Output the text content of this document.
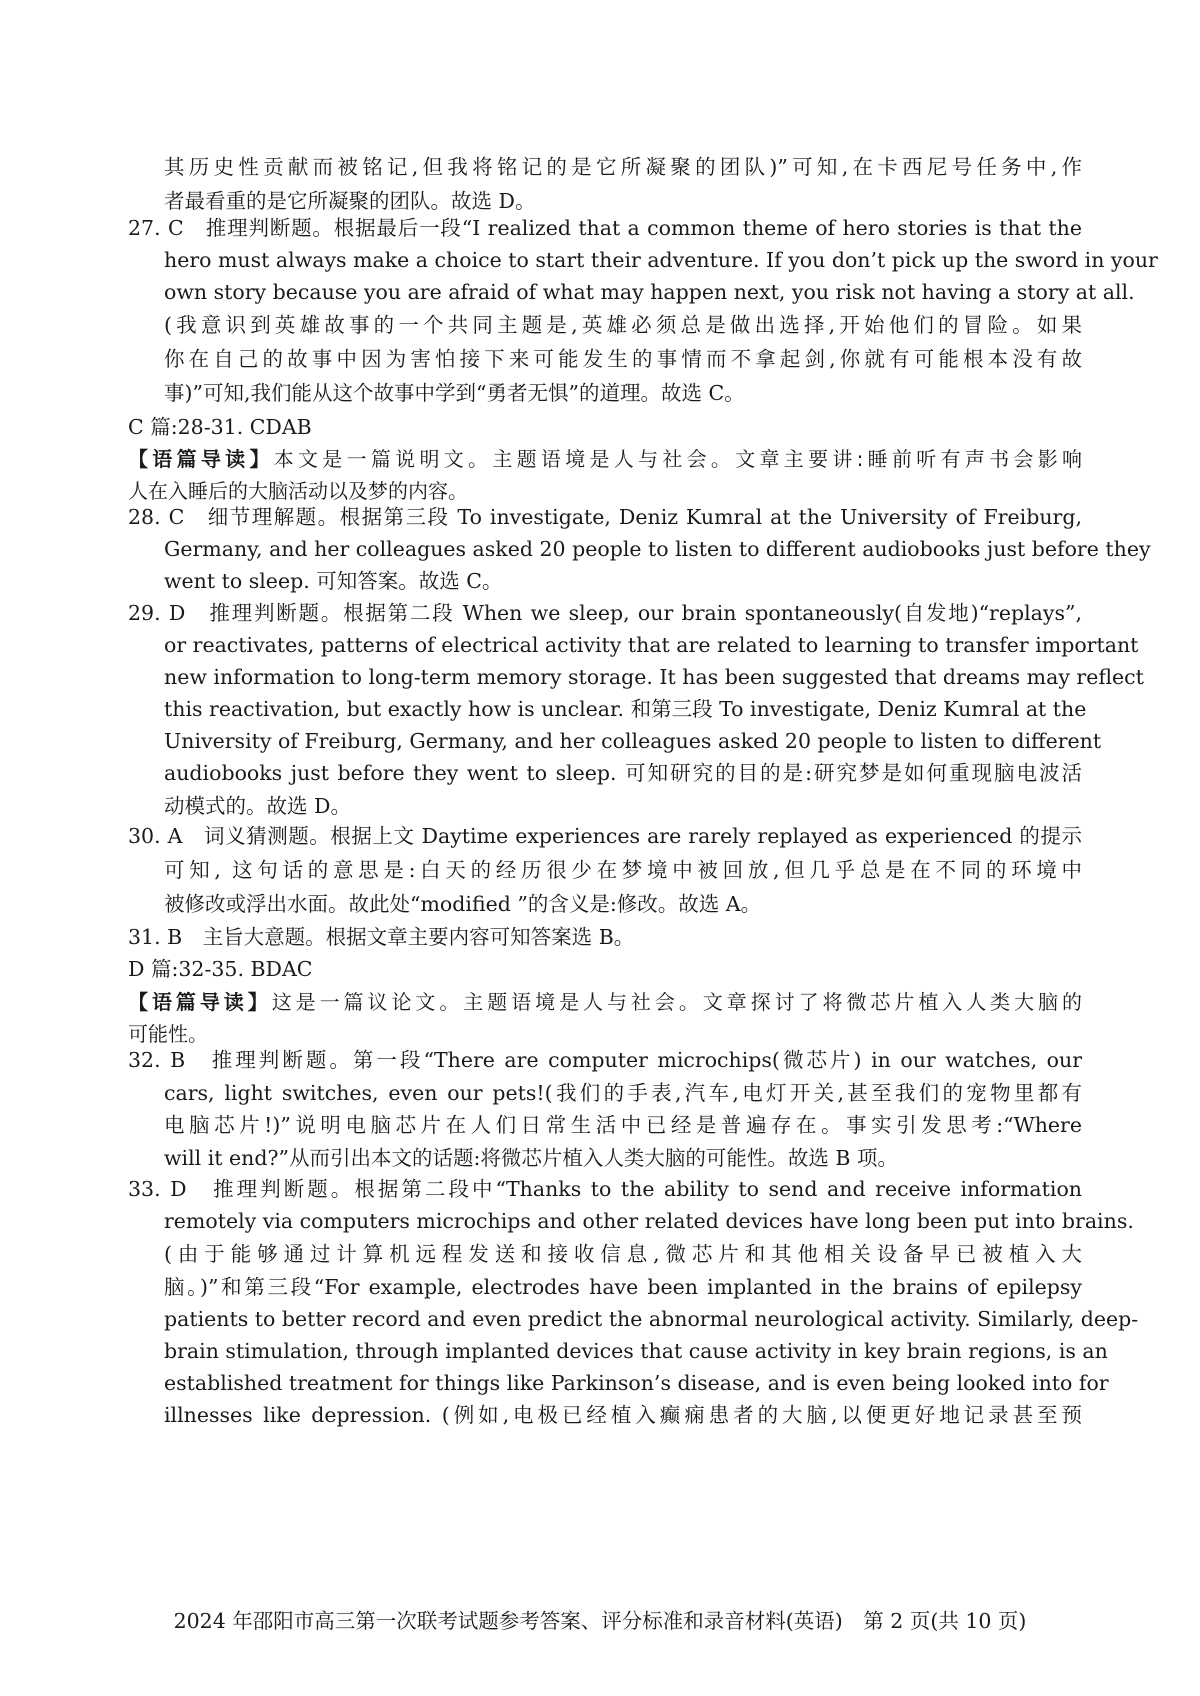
其历史性贡献而被铭记,但我将铭记的是它所凝聚的团队)”可知,在卡西尼号任务中,作
者最看重的是它所凝聚的团队。故选 D。
27. C　推理判断题。根据最后一段“I realized that a common theme of hero stories is that the
hero must always make a choice to start their adventure. If you don’t pick up the sword in your
own story because you are afraid of what may happen next, you risk not having a story at all.
(我意识到英雄故事的一个共同主题是,英雄必须总是做出选择,开始他们的冒险。如果
你在自己的故事中因为害怕接下来可能发生的事情而不拿起剑,你就有可能根本没有故
事)”可知,我们能从这个故事中学到“勇者无惧”的道理。故选 C。
C 篇:28-31. CDAB
【语篇导读】本文是一篇说明文。主题语境是人与社会。文章主要讲:睡前听有声书会影响
人在入睡后的大脑活动以及梦的内容。
28. C　细节理解题。根据第三段 To investigate, Deniz Kumral at the University of Freiburg,
Germany, and her colleagues asked 20 people to listen to different audiobooks just before they
went to sleep. 可知答案。故选 C。
29. D　推理判断题。根据第二段 When we sleep, our brain spontaneously(自发地)“replays”,
or reactivates, patterns of electrical activity that are related to learning to transfer important
new information to long-term memory storage. It has been suggested that dreams may reflect
this reactivation, but exactly how is unclear. 和第三段 To investigate, Deniz Kumral at the
University of Freiburg, Germany, and her colleagues asked 20 people to listen to different
audiobooks just before they went to sleep. 可知研究的目的是:研究梦是如何重现脑电波活
动模式的。故选 D。
30. A　词义猜测题。根据上文 Daytime experiences are rarely replayed as experienced 的提示
可知, 这句话的意思是:白天的经历很少在梦境中被回放,但几乎总是在不同的环境中
被修改或浮出水面。故此处“modified ”的含义是:修改。故选 A。
31. B　主旨大意题。根据文章主要内容可知答案选 B。
D 篇:32-35. BDAC
【语篇导读】这是一篇议论文。主题语境是人与社会。文章探讨了将微芯片植入人类大脑的
可能性。
32. B　推理判断题。第一段“There are computer microchips(微芯片) in our watches, our
cars, light switches, even our pets!(我们的手表,汽车,电灯开关,甚至我们的宠物里都有
电脑芯片!)”说明电脑芯片在人们日常生活中已经是普遍存在。事实引发思考:“Where
will it end?”从而引出本文的话题:将微芯片植入人类大脑的可能性。故选 B 项。
33. D　推理判断题。根据第二段中“Thanks to the ability to send and receive information
remotely via computers microchips and other related devices have long been put into brains.
(由于能够通过计算机远程发送和接收信息,微芯片和其他相关设备早已被植入大
脑。)”和第三段“For example, electrodes have been implanted in the brains of epilepsy
patients to better record and even predict the abnormal neurological activity. Similarly, deep-
brain stimulation, through implanted devices that cause activity in key brain regions, is an
established treatment for things like Parkinson’s disease, and is even being looked into for
illnesses like depression. (例如,电极已经植入癫痫患者的大脑,以便更好地记录甚至预
2024 年邵阳市高三第一次联考试题参考答案、评分标准和录音材料(英语)　第 2 页(共 10 页)
